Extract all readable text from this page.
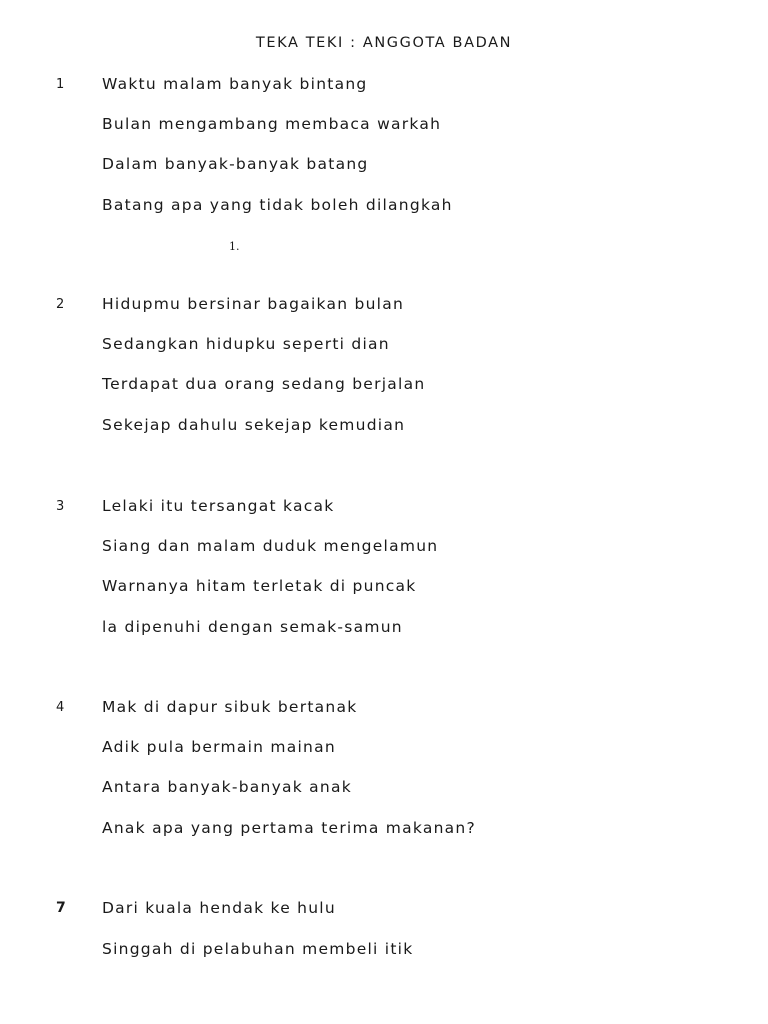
TEKA TEKI : ANGGOTA BADAN
1 Waktu malam banyak bintang
Bulan mengambang membaca warkah
Dalam banyak-banyak batang
Batang apa yang tidak boleh dilangkah
1.
2 Hidupmu bersinar bagaikan bulan
Sedangkan hidupku seperti dian
Terdapat dua orang sedang berjalan
Sekejap dahulu sekejap kemudian
3 Lelaki itu tersangat kacak
Siang dan malam duduk mengelamun
Warnanya hitam terletak di puncak
la dipenuhi dengan semak-samun
4 Mak di dapur sibuk bertanak
Adik pula bermain mainan
Antara banyak-banyak anak
Anak apa yang pertama terima makanan?
7 Dari kuala hendak ke hulu
Singgah di pelabuhan membeli itik
